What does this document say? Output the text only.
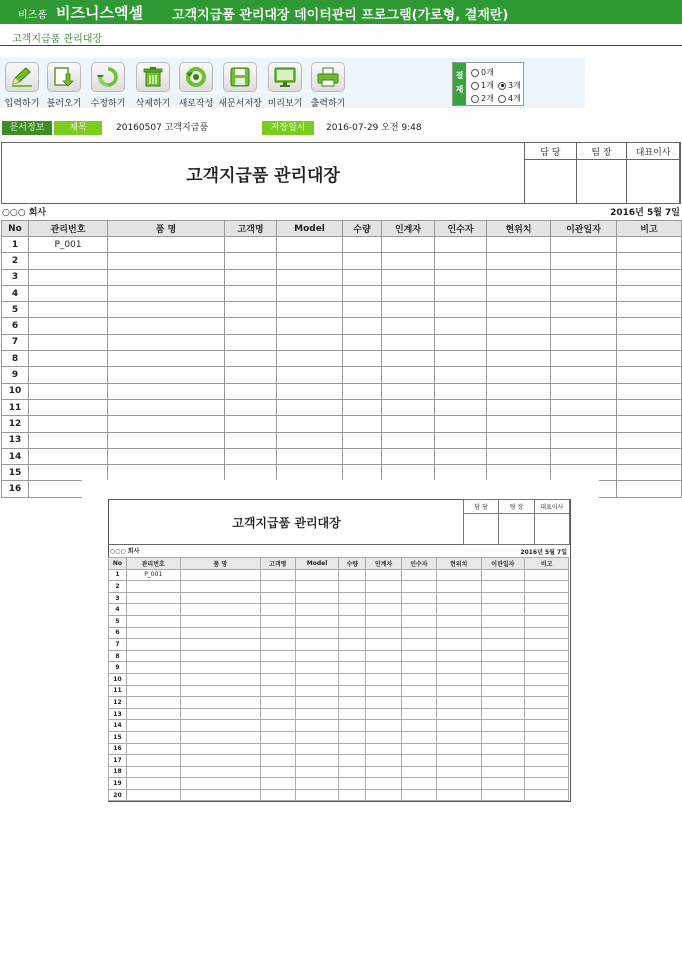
비즈폼 비즈니스엑셀 고객지급품 관리대장 데이터관리 프로그램(가로형, 결재란)
고객지급품 관리대장
입력하기 불러오기	수정하기	삭제하기 새로작성 새문서저장 미리보기 출력하기
결재
0개
1개 3개
2개 4개
문서정보	제목	20160507 고객지급품	저장일시	2016-07-29 오전 9:48
고객지급품 관리대장
담 당	팀 장	대표이사

○○○ 회사	2016년 5월 7일
No	관리번호	품 명	고객명	Model	수량	인계자	인수자	현위치	이관일자	비고
1	P_001									
2										
3										
4										
5										
6										
7										
8										
9										
10										
11										
12										
13										
14										
15										
16										
고객지급품 관리대장
담 당	팀 장	대표이사

○○○ 회사	2016년 5월 7일
No	관리번호	품 명	고객명	Model	수량	인계자	인수자	현위치	이관일자	비고
1	P_001									
2										
3										
4										
5										
6										
7										
8										
9										
10										
11										
12										
13										
14										
15										
16										
17										
18										
19										
20										
